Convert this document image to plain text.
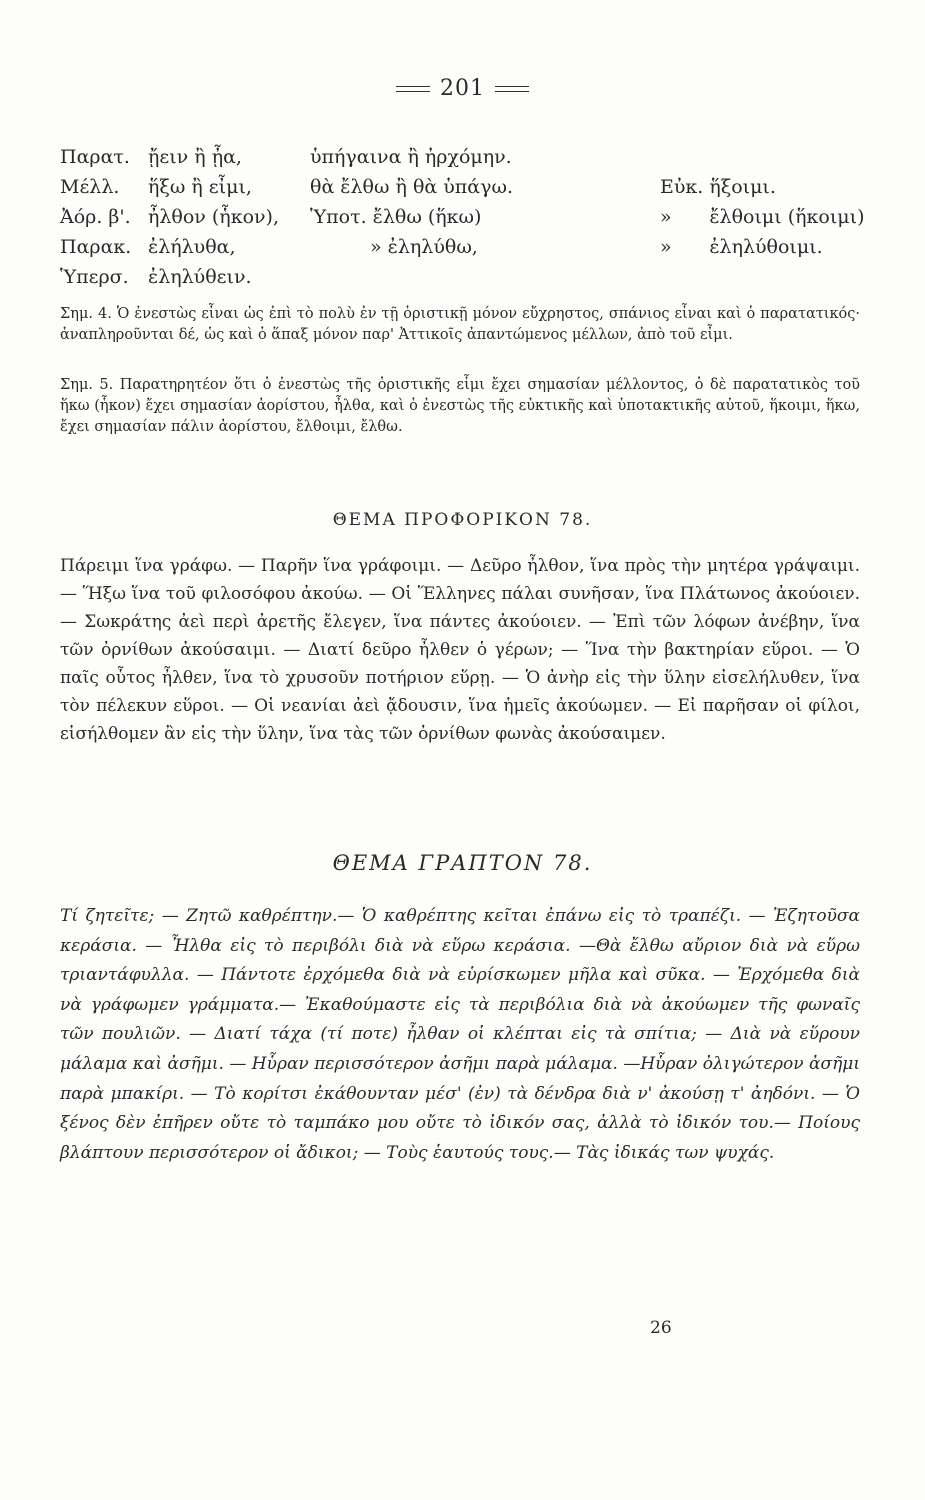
201
Παρατ.	ᾔειν ἢ ᾖα,	ὑπήγαινα ἢ ἠρχόμην.		
Μέλλ.	ἥξω ἢ εἶμι,	θὰ ἔλθω ἢ θὰ ὑπάγω.	Εὐκ.	ἥξοιμι.
Ἀόρ. β'.	ἦλθον (ἧκον),	Ὑποτ. ἔλθω (ἥκω)	»	ἔλθοιμι (ἥκοιμι)
Παρακ.	ἐλήλυθα,	» ἐληλύθω,	»	ἐληλύθοιμι.
Ὑπερσ.	ἐληλύθειν.			

Σημ. 4. Ὁ ἐνεστὼς εἶναι ὡς ἐπὶ τὸ πολὺ ἐν τῇ ὁριστικῇ μόνον εὔχρηστος, σπάνιος εἶναι καὶ ὁ παρατατικός· ἀναπληροῦνται δέ, ὡς καὶ ὁ ἅπαξ μόνον παρ' Ἀττικοῖς ἀπαντώμενος μέλλων, ἀπὸ τοῦ εἶμι.

Σημ. 5. Παρατηρητέον ὅτι ὁ ἐνεστὼς τῆς ὁριστικῆς εἶμι ἔχει σημασίαν μέλλοντος, ὁ δὲ παρατατικὸς τοῦ ἥκω (ἧκον) ἔχει σημασίαν ἀορίστου, ἦλθα, καὶ ὁ ἐνεστὼς τῆς εὐκτικῆς καὶ ὑποτακτικῆς αὐτοῦ, ἥκοιμι, ἥκω, ἔχει σημασίαν πάλιν ἀορίστου, ἔλθοιμι, ἔλθω.

ΘΕΜΑ ΠΡΟΦΟΡΙΚΟΝ 78.
Πάρειμι ἵνα γράφω. — Παρῆν ἵνα γράφοιμι. — Δεῦρο ἦλθον, ἵνα πρὸς τὴν μητέρα γράψαιμι. — Ἥξω ἵνα τοῦ φιλοσόφου ἀκούω. — Οἱ Ἕλληνες πάλαι συνῆσαν, ἵνα Πλάτωνος ἀκούοιεν. — Σωκράτης ἀεὶ περὶ ἀρετῆς ἔλεγεν, ἵνα πάντες ἀκούοιεν. — Ἐπὶ τῶν λόφων ἀνέβην, ἵνα τῶν ὀρνίθων ἀκούσαιμι. — Διατί δεῦρο ἦλθεν ὁ γέρων; — Ἵνα τὴν βακτηρίαν εὕροι. — Ὁ παῖς οὗτος ἦλθεν, ἵνα τὸ χρυσοῦν ποτήριον εὕρῃ. — Ὁ ἀνὴρ εἰς τὴν ὕλην εἰσελήλυθεν, ἵνα τὸν πέλεκυν εὕροι. — Οἱ νεανίαι ἀεὶ ᾄδουσιν, ἵνα ἡμεῖς ἀκούωμεν. — Εἰ παρῆσαν οἱ φίλοι, εἰσήλθομεν ἂν εἰς τὴν ὕλην, ἵνα τὰς τῶν ὀρνίθων φωνὰς ἀκούσαιμεν.
ΘΕΜΑ ΓΡΑΠΤΟΝ 78.
Τί ζητεῖτε; — Ζητῶ καθρέπτην.— Ὁ καθρέπτης κεῖται ἐπάνω εἰς τὸ τραπέζι. — Ἐζητοῦσα κεράσια. — Ἦλθα εἰς τὸ περιβόλι διὰ νὰ εὕρω κεράσια. —Θὰ ἔλθω αὔριον διὰ νὰ εὕρω τριαντάφυλλα. — Πάντοτε ἐρχόμεθα διὰ νὰ εὑρίσκωμεν μῆλα καὶ σῦκα. — Ἐρχόμεθα διὰ νὰ γράφωμεν γράμματα.— Ἐκαθούμαστε εἰς τὰ περιβόλια διὰ νὰ ἀκούωμεν τῆς φωναῖς τῶν πουλιῶν. — Διατί τάχα (τί ποτε) ἦλθαν οἱ κλέπται εἰς τὰ σπίτια; — Διὰ νὰ εὕρουν μάλαμα καὶ ἀσῆμι. — Ηὗραν περισσότερον ἀσῆμι παρὰ μάλαμα. —Ηὗραν ὀλιγώτερον ἀσῆμι παρὰ μπακίρι. — Τὸ κορίτσι ἐκάθουνταν μέσ' (ἐν) τὰ δένδρα διὰ ν' ἀκούσῃ τ' ἀηδόνι. — Ὁ ξένος δὲν ἐπῆρεν οὔτε τὸ ταμπάκο μου οὔτε τὸ ἰδικόν σας, ἀλλὰ τὸ ἰδικόν του.— Ποίους βλάπτουν περισσότερον οἱ ἄδικοι; — Τοὺς ἑαυτούς τους.— Τὰς ἰδικάς των ψυχάς.
26
